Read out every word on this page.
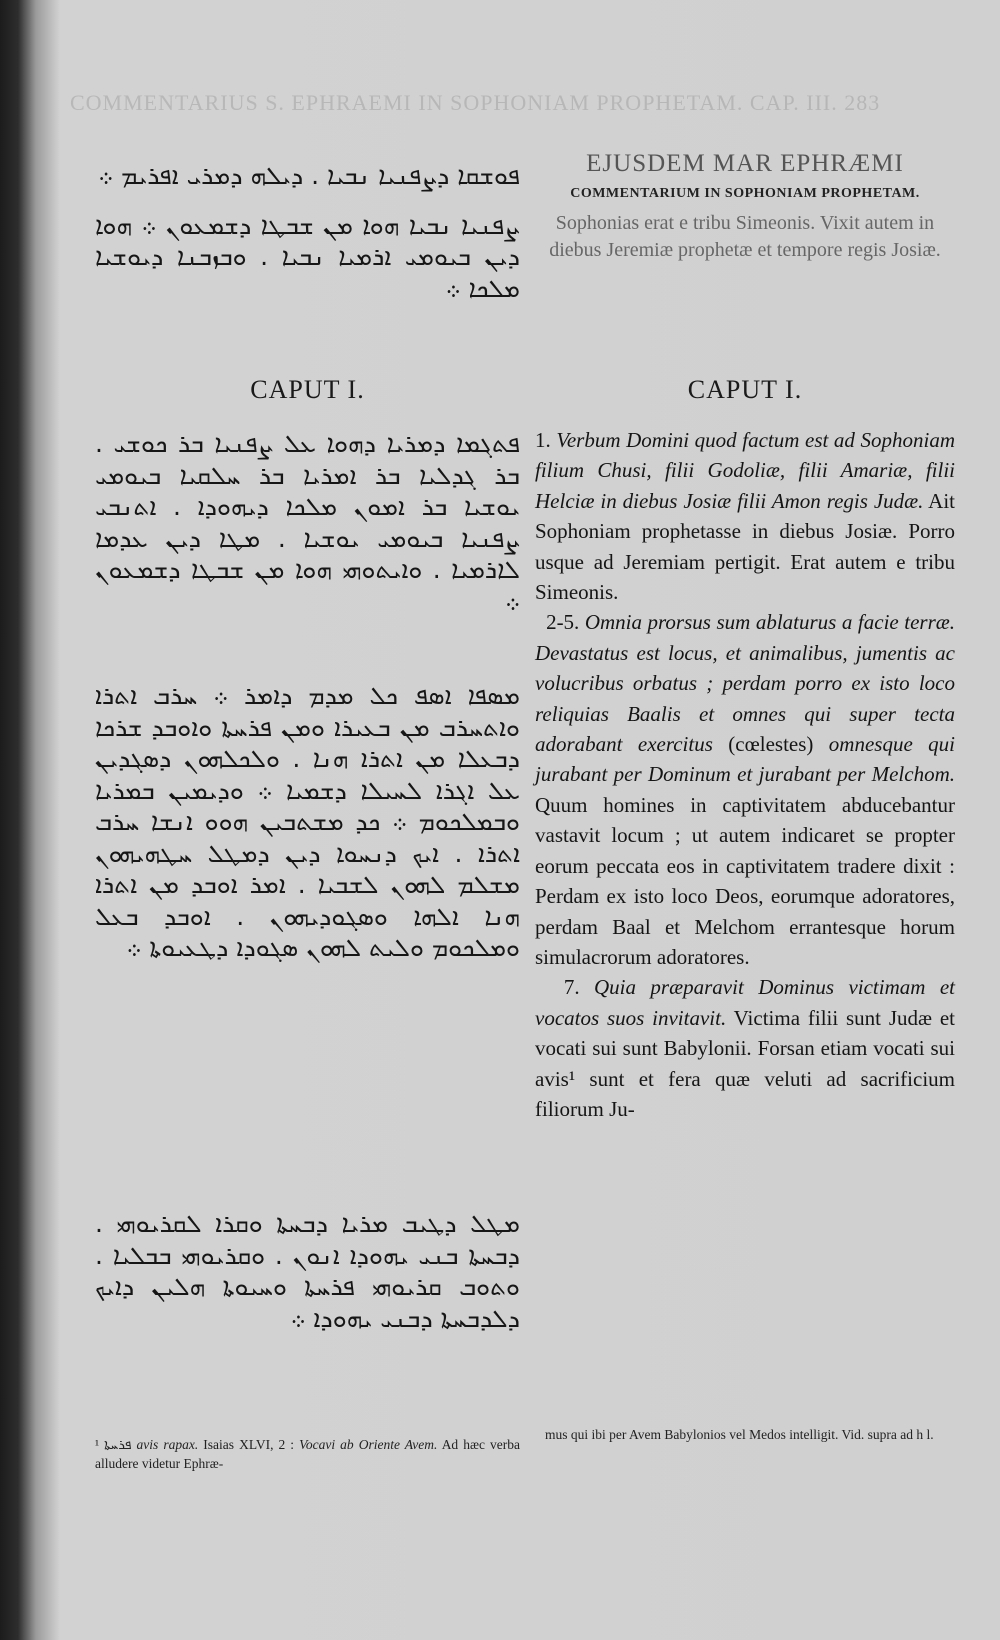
COMMENTARIUS S. EPHRAEMI IN SOPHONIAM PROPHETAM. CAP. III. 283

ܦܘܫܩܐ ܕܨܦܢܝܐ ܢܒܝܐ . ܕܝܠܗ ܕܡܪܝ ܐܦܪܝܡ ܀

ܨܦܢܝܐ ܢܒܝܐ ܗܘܐ ܡܢ ܫܒܛܐ ܕܫܡܥܘܢ ܀ ܗܘܐ ܕܝܢ ܒܝܘܡܝ ܐܪܡܝܐ ܢܒܝܐ . ܘܒܙܒܢܐ ܕܝܘܫܝܐ ܡܠܟܐ ܀

CAPUT I.

ܦܬܓܡܐ ܕܡܪܝܐ ܕܗܘܐ ܥܠ ܨܦܢܝܐ ܒܪ ܟܘܫܝ . ܒܪ ܓܕܠܝܐ ܒܪ ܐܡܪܝܐ ܒܪ ܚܠܩܝܐ ܒܝܘܡܝ ܝܘܫܝܐ ܒܪ ܐܡܘܢ ܡܠܟܐ ܕܝܗܘܕܐ . ܐܬܢܒܝ ܨܦܢܝܐ ܒܝܘܡܝ ܝܘܫܝܐ . ܡܛܐ ܕܝܢ ܥܕܡܐ ܠܐܪܡܝܐ . ܘܐܝܬܘܗܝ ܗܘܐ ܡܢ ܫܒܛܐ ܕܫܡܥܘܢ ܀

ܡܣܦܐ ܐܣܦ ܟܠ ܡܕܡ ܕܐܡܪ ܀ ܚܪܒ ܐܬܪܐ ܘܐܬܚܪܒ ܡܢ ܒܥܝܪܐ ܘܡܢ ܦܪܚܬܐ ܘܐܘܒܕ ܫܪܟܐ ܕܒܥܠܐ ܡܢ ܐܬܪܐ ܗܢܐ . ܘܠܟܠܗܘܢ ܕܣܓܕܝܢ ܥܠ ܐܓܪܐ ܠܚܝܠܐ ܕܫܡܝܐ ܀ ܘܕܝܡܝܢ ܒܡܪܝܐ ܘܒܡܠܟܘܡ ܀ ܟܕ ܡܫܬܒܝܢ ܗܘܘ ܐܢܫܐ ܚܪܒ ܐܬܪܐ . ܐܝܟ ܕܢܚܘܐ ܕܝܢ ܕܡܛܠ ܚܛܗܝܗܘܢ ܡܫܠܡ ܠܗܘܢ ܠܫܒܝܐ . ܐܡܪ ܐܘܒܕ ܡܢ ܐܬܪܐ ܗܢܐ ܐܠܗܐ ܘܣܓܘܕܝܗܘܢ . ܐܘܒܕ ܒܥܠ ܘܡܠܟܘܡ ܘܠܝܬ ܠܗܘܢ ܣܓܘܕܐ ܕܛܥܝܘܬܐ ܀

ܡܛܠ ܕܛܝܒ ܡܪܝܐ ܕܒܚܬܐ ܘܩܪܐ ܠܩܪܝܘܗܝ . ܕܒܚܬܐ ܒܢܝ ܝܗܘܕܐ ܐܢܘܢ . ܘܩܪܝܘܗܝ ܒܒܠܝܐ . ܘܬܘܒ ܩܪܝܘܗܝ ܦܪܚܬܐ ܘܚܝܘܬܐ ܗܠܝܢ ܕܐܝܟ ܕܠܕܒܚܬܐ ܕܒܢܝ ܝܗܘܕܐ ܀

EJUSDEM MAR EPHRÆMI

COMMENTARIUM IN SOPHONIAM PROPHETAM.

Sophonias erat e tribu Simeonis. Vixit autem in diebus Jeremiæ prophetæ et tempore regis Josiæ.

CAPUT I.

1. Verbum Domini quod factum est ad Sophoniam filium Chusi, filii Godoliæ, filii Amariæ, filii Helciæ in diebus Josiæ filii Amon regis Judæ. Ait Sophoniam prophetasse in diebus Josiæ. Porro usque ad Jeremiam pertigit. Erat autem e tribu Simeonis.
2-5. Omnia prorsus sum ablaturus a facie terræ. Devastatus est locus, et animalibus, jumentis ac volucribus orbatus ; perdam porro ex isto loco reliquias Baalis et omnes qui super tecta adorabant exercitus (cœlestes) omnesque qui jurabant per Dominum et jurabant per Melchom. Quum homines in captivitatem abducebantur vastavit locum ; ut autem indicaret se propter eorum peccata eos in captivitatem tradere dixit : Perdam ex isto loco Deos, eorumque adoratores, perdam Baal et Melchom errantesque horum simulacrorum adoratores.
7. Quia præparavit Dominus victimam et vocatos suos invitavit. Victima filii sunt Judæ et vocati sui sunt Babylonii. Forsan etiam vocati sui avis¹ sunt et fera quæ veluti ad sacrificium filiorum Ju-

¹ ܦܪܚܬܐ avis rapax. Isaias XLVI, 2 : Vocavi ab Oriente Avem. Ad hæc verba alludere videtur Ephræ-
mus qui ibi per Avem Babylonios vel Medos intelligit. Vid. supra ad h l.
